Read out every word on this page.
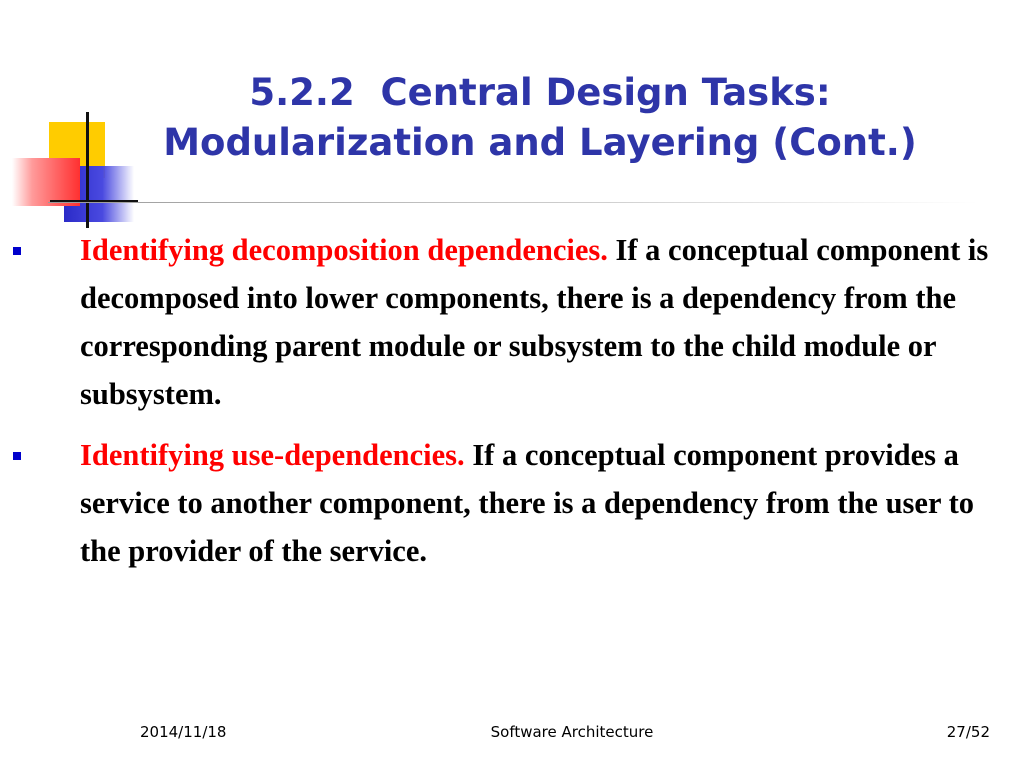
5.2.2  Central Design Tasks:
Modularization and Layering (Cont.)
Identifying decomposition dependencies. If a conceptual component is decomposed into lower components, there is a dependency from the corresponding parent module or subsystem to the child module or subsystem.
Identifying use-dependencies. If a conceptual component provides a service to another component, there is a dependency from the user to the provider of the service.
2014/11/18	Software Architecture	27/52
